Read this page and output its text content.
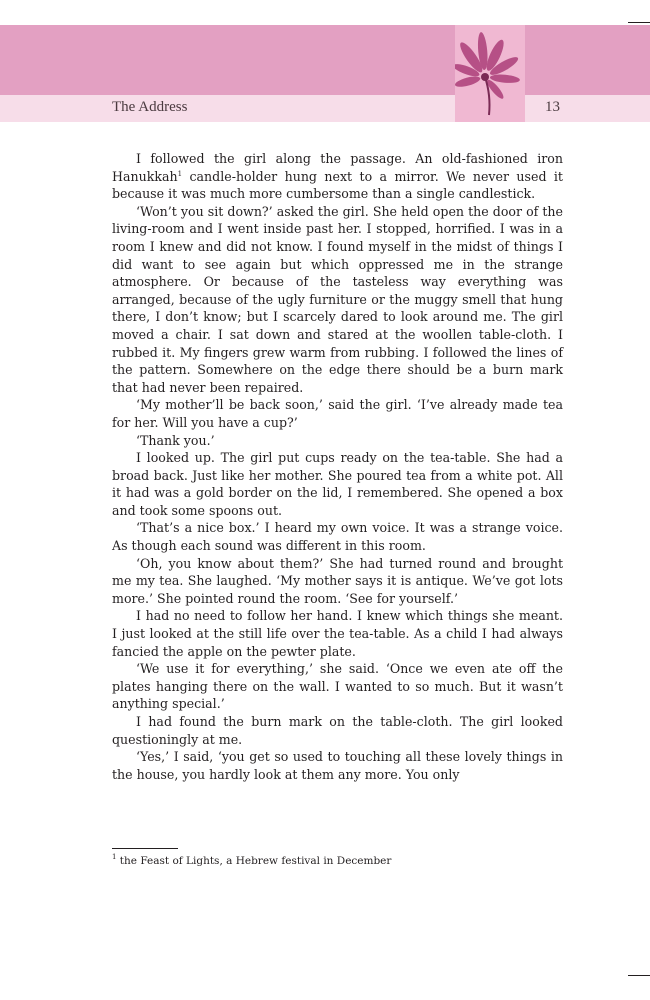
The Address	13

I followed the girl along the passage. An old-fashioned iron Hanukkah$^1$ candle-holder hung next to a mirror. We never used it because it was much more cumbersome than a single candlestick.

‘Won’t you sit down?’ asked the girl. She held open the door of the living-room and I went inside past her. I stopped, horrified. I was in a room I knew and did not know. I found myself in the midst of things I did want to see again but which oppressed me in the strange atmosphere. Or because of the tasteless way everything was arranged, because of the ugly furniture or the muggy smell that hung there, I don’t know; but I scarcely dared to look around me. The girl moved a chair. I sat down and stared at the woollen table-cloth. I rubbed it. My fingers grew warm from rubbing. I followed the lines of the pattern. Somewhere on the edge there should be a burn mark that had never been repaired.

‘My mother’ll be back soon,’ said the girl. ‘I’ve already made tea for her. Will you have a cup?’

‘Thank you.’

I looked up. The girl put cups ready on the tea-table. She had a broad back. Just like her mother. She poured tea from a white pot. All it had was a gold border on the lid, I remembered. She opened a box and took some spoons out.

‘That’s a nice box.’ I heard my own voice. It was a strange voice. As though each sound was different in this room.

‘Oh, you know about them?’ She had turned round and brought me my tea. She laughed. ‘My mother says it is antique. We’ve got lots more.’ She pointed round the room. ‘See for yourself.’

I had no need to follow her hand. I knew which things she meant. I just looked at the still life over the tea-table. As a child I had always fancied the apple on the pewter plate.

‘We use it for everything,’ she said. ‘Once we even ate off the plates hanging there on the wall. I wanted to so much. But it wasn’t anything special.’

I had found the burn mark on the table-cloth. The girl looked questioningly at me.

‘Yes,’ I said, ‘you get so used to touching all these lovely things in the house, you hardly look at them any more. You only

$^1$ the Feast of Lights, a Hebrew festival in December
